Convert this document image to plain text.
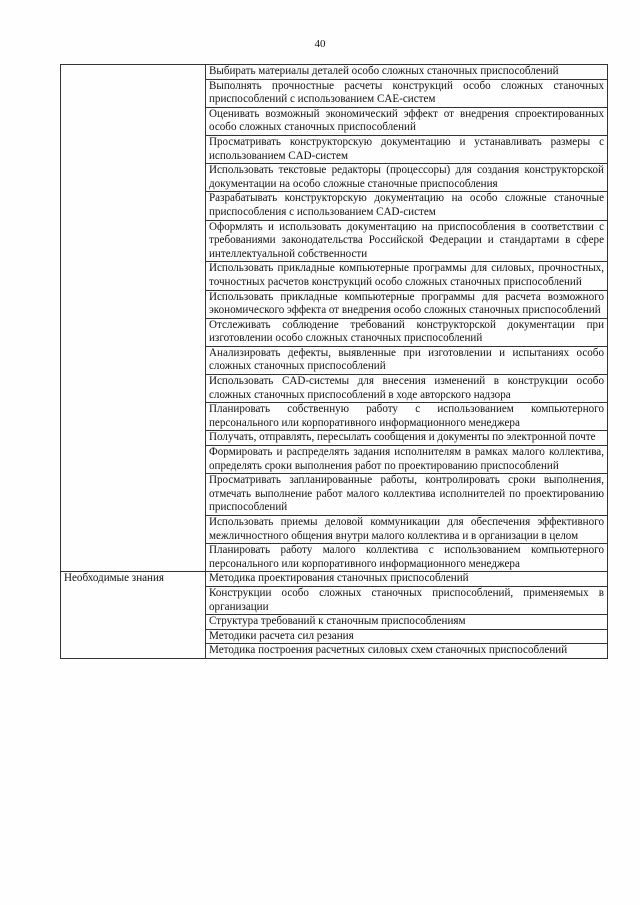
40
	Выбирать материалы деталей особо сложных станочных приспособлений
	Выполнять прочностные расчеты конструкций особо сложных станочных приспособлений с использованием CAE-систем
	Оценивать возможный экономический эффект от внедрения спроектированных особо сложных станочных приспособлений
	Просматривать конструкторскую документацию и устанавливать размеры с использованием CAD-систем
	Использовать текстовые редакторы (процессоры) для создания конструкторской документации на особо сложные станочные приспособления
	Разрабатывать конструкторскую документацию на особо сложные станочные приспособления с использованием CAD-систем
	Оформлять и использовать документацию на приспособления в соответствии с требованиями законодательства Российской Федерации и стандартами в сфере интеллектуальной собственности
	Использовать прикладные компьютерные программы для силовых, прочностных, точностных расчетов конструкций особо сложных станочных приспособлений
	Использовать прикладные компьютерные программы для расчета возможного экономического эффекта от внедрения особо сложных станочных приспособлений
	Отслеживать соблюдение требований конструкторской документации при изготовлении особо сложных станочных приспособлений
	Анализировать дефекты, выявленные при изготовлении и испытаниях особо сложных станочных приспособлений
	Использовать CAD-системы для внесения изменений в конструкции особо сложных станочных приспособлений в ходе авторского надзора
	Планировать собственную работу с использованием компьютерного персонального или корпоративного информационного менеджера
	Получать, отправлять, пересылать сообщения и документы по электронной почте
	Формировать и распределять задания исполнителям в рамках малого коллектива, определять сроки выполнения работ по проектированию приспособлений
	Просматривать запланированные работы, контролировать сроки выполнения, отмечать выполнение работ малого коллектива исполнителей по проектированию приспособлений
	Использовать приемы деловой коммуникации для обеспечения эффективного межличностного общения внутри малого коллектива и в организации в целом
	Планировать работу малого коллектива с использованием компьютерного персонального или корпоративного информационного менеджера
Необходимые знания	Методика проектирования станочных приспособлений
	Конструкции особо сложных станочных приспособлений, применяемых в организации
	Структура требований к станочным приспособлениям
	Методики расчета сил резания
	Методика построения расчетных силовых схем станочных приспособлений
